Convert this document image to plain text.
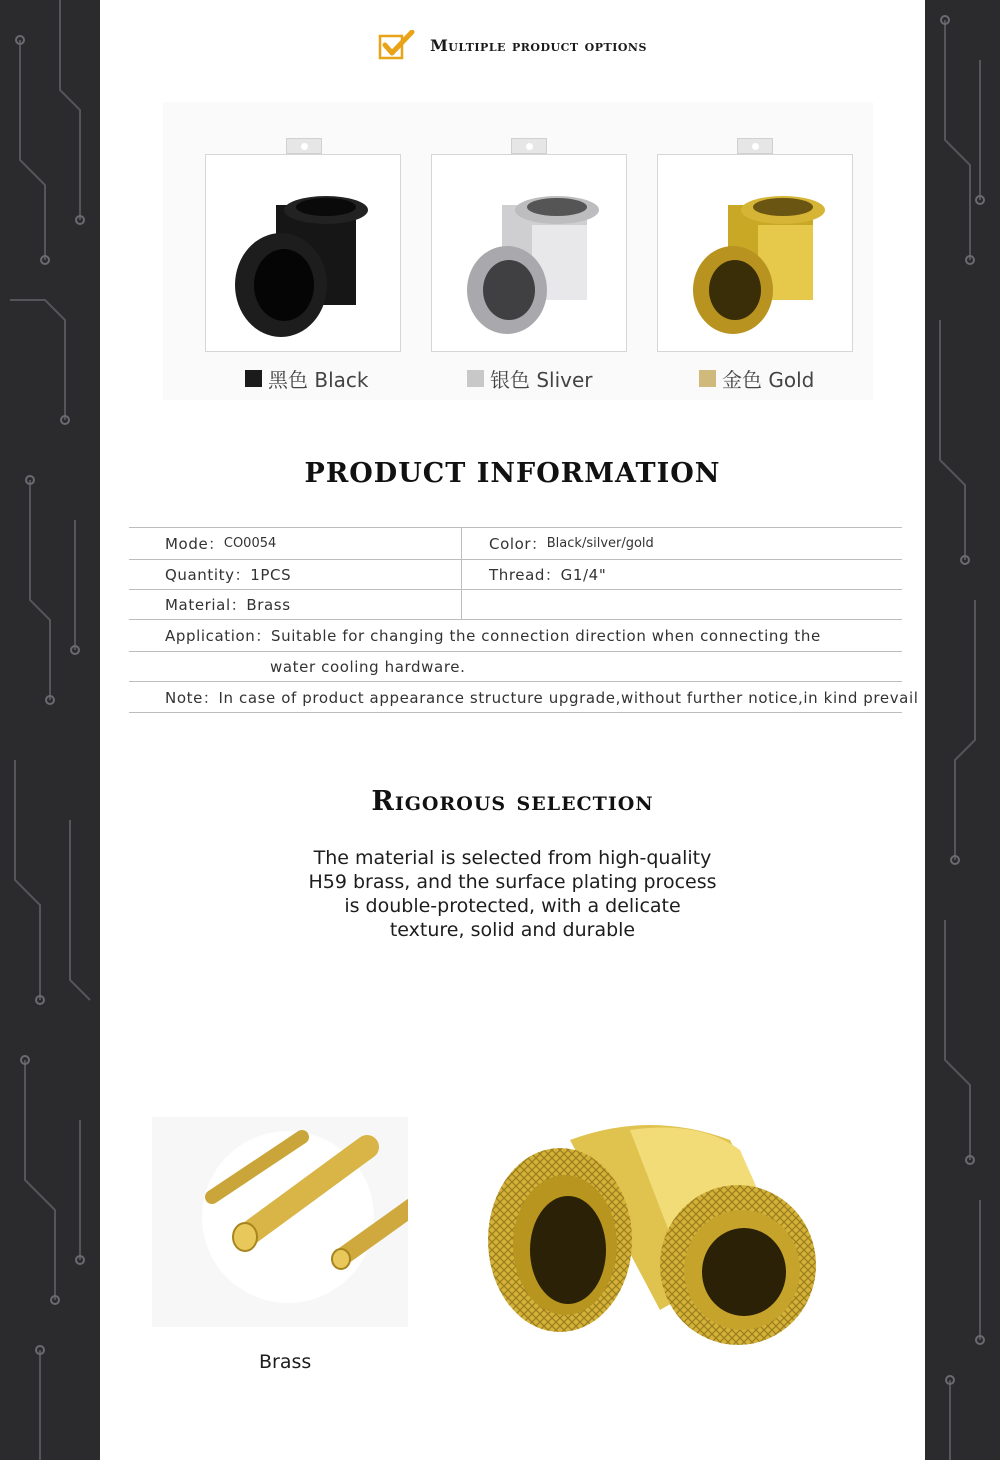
Multiple product options
黑色 Black	银色 Sliver	金色 Gold
PRODUCT INFORMATION
Mode： CO0054	Color： Black/silver/gold
Quantity：1PCS	Thread：G1/4"
Material：Brass
Application：Suitable for changing the connection direction when connecting the
water cooling hardware.
Note：In case of product appearance structure upgrade,without further notice,in kind prevail
Rigorous selection
The material is selected from high-quality
H59 brass, and the surface plating process
is double-protected, with a delicate
texture, solid and durable
Brass
